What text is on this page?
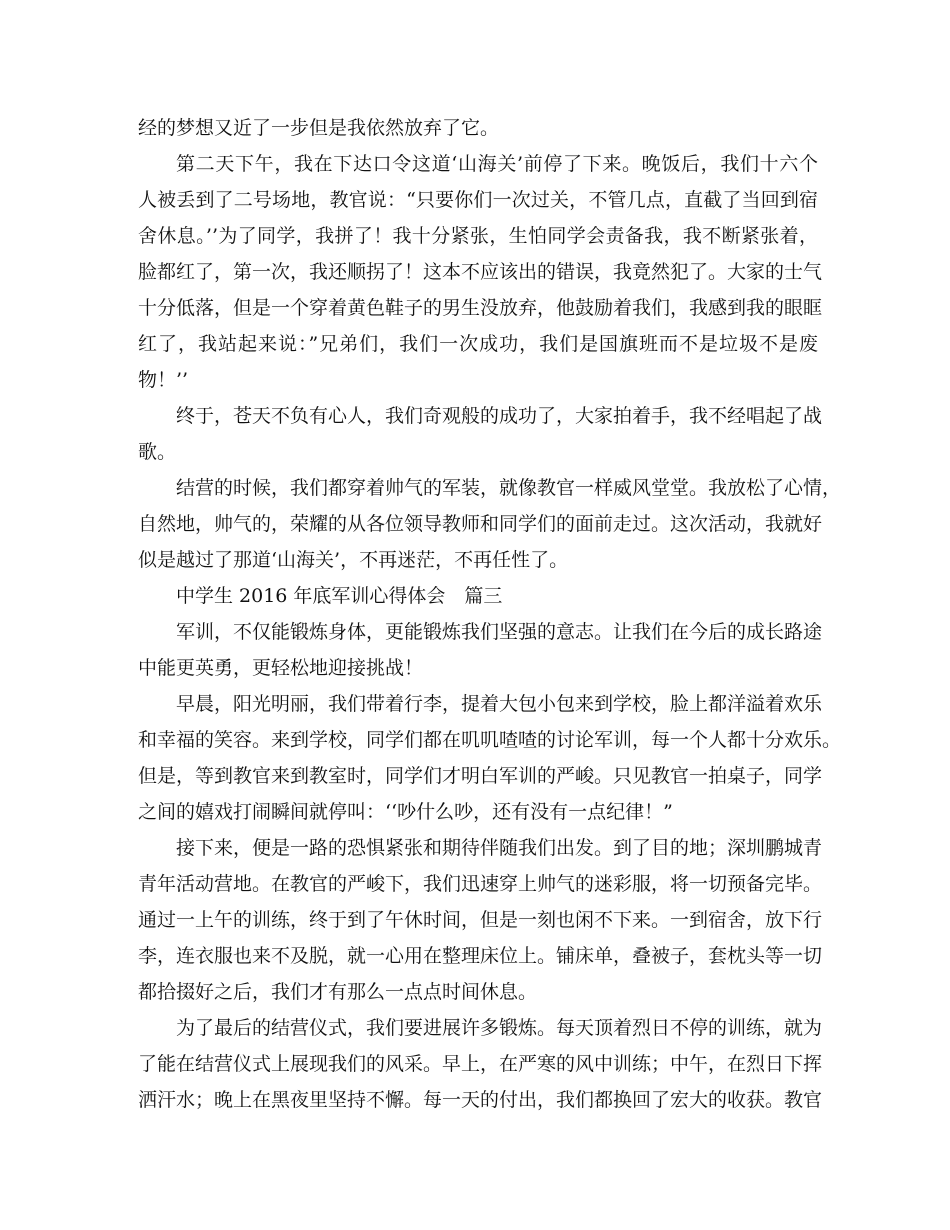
经的梦想又近了一步但是我依然放弃了它。
第二天下午，我在下达口令这道‘山海关’前停了下来。晚饭后，我们十六个
人被丢到了二号场地，教官说：“只要你们一次过关，不管几点，直截了当回到宿
舍休息。’’为了同学，我拼了！我十分紧张，生怕同学会责备我，我不断紧张着，
脸都红了，第一次，我还顺拐了！这本不应该出的错误，我竟然犯了。大家的士气
十分低落，但是一个穿着黄色鞋子的男生没放弃，他鼓励着我们，我感到我的眼眶
红了，我站起来说：”兄弟们，我们一次成功，我们是国旗班而不是垃圾不是废
物！’’
终于，苍天不负有心人，我们奇观般的成功了，大家拍着手，我不经唱起了战
歌。
结营的时候，我们都穿着帅气的军装，就像教官一样威风堂堂。我放松了心情，
自然地，帅气的，荣耀的从各位领导教师和同学们的面前走过。这次活动，我就好
似是越过了那道‘山海关’，不再迷茫，不再任性了。
中学生 2016 年底军训心得体会　篇三
军训，不仅能锻炼身体，更能锻炼我们坚强的意志。让我们在今后的成长路途
中能更英勇，更轻松地迎接挑战！
早晨，阳光明丽，我们带着行李，提着大包小包来到学校，脸上都洋溢着欢乐
和幸福的笑容。来到学校，同学们都在叽叽喳喳的讨论军训，每一个人都十分欢乐。
但是，等到教官来到教室时，同学们才明白军训的严峻。只见教官一拍桌子，同学
之间的嬉戏打闹瞬间就停叫：‘‘吵什么吵，还有没有一点纪律！”
接下来，便是一路的恐惧紧张和期待伴随我们出发。到了目的地；深圳鹏城青
青年活动营地。在教官的严峻下，我们迅速穿上帅气的迷彩服，将一切预备完毕。
通过一上午的训练，终于到了午休时间，但是一刻也闲不下来。一到宿舍，放下行
李，连衣服也来不及脱，就一心用在整理床位上。铺床单，叠被子，套枕头等一切
都拾掇好之后，我们才有那么一点点时间休息。
为了最后的结营仪式，我们要进展许多锻炼。每天顶着烈日不停的训练，就为
了能在结营仪式上展现我们的风采。早上，在严寒的风中训练；中午，在烈日下挥
洒汗水；晚上在黑夜里坚持不懈。每一天的付出，我们都换回了宏大的收获。教官
